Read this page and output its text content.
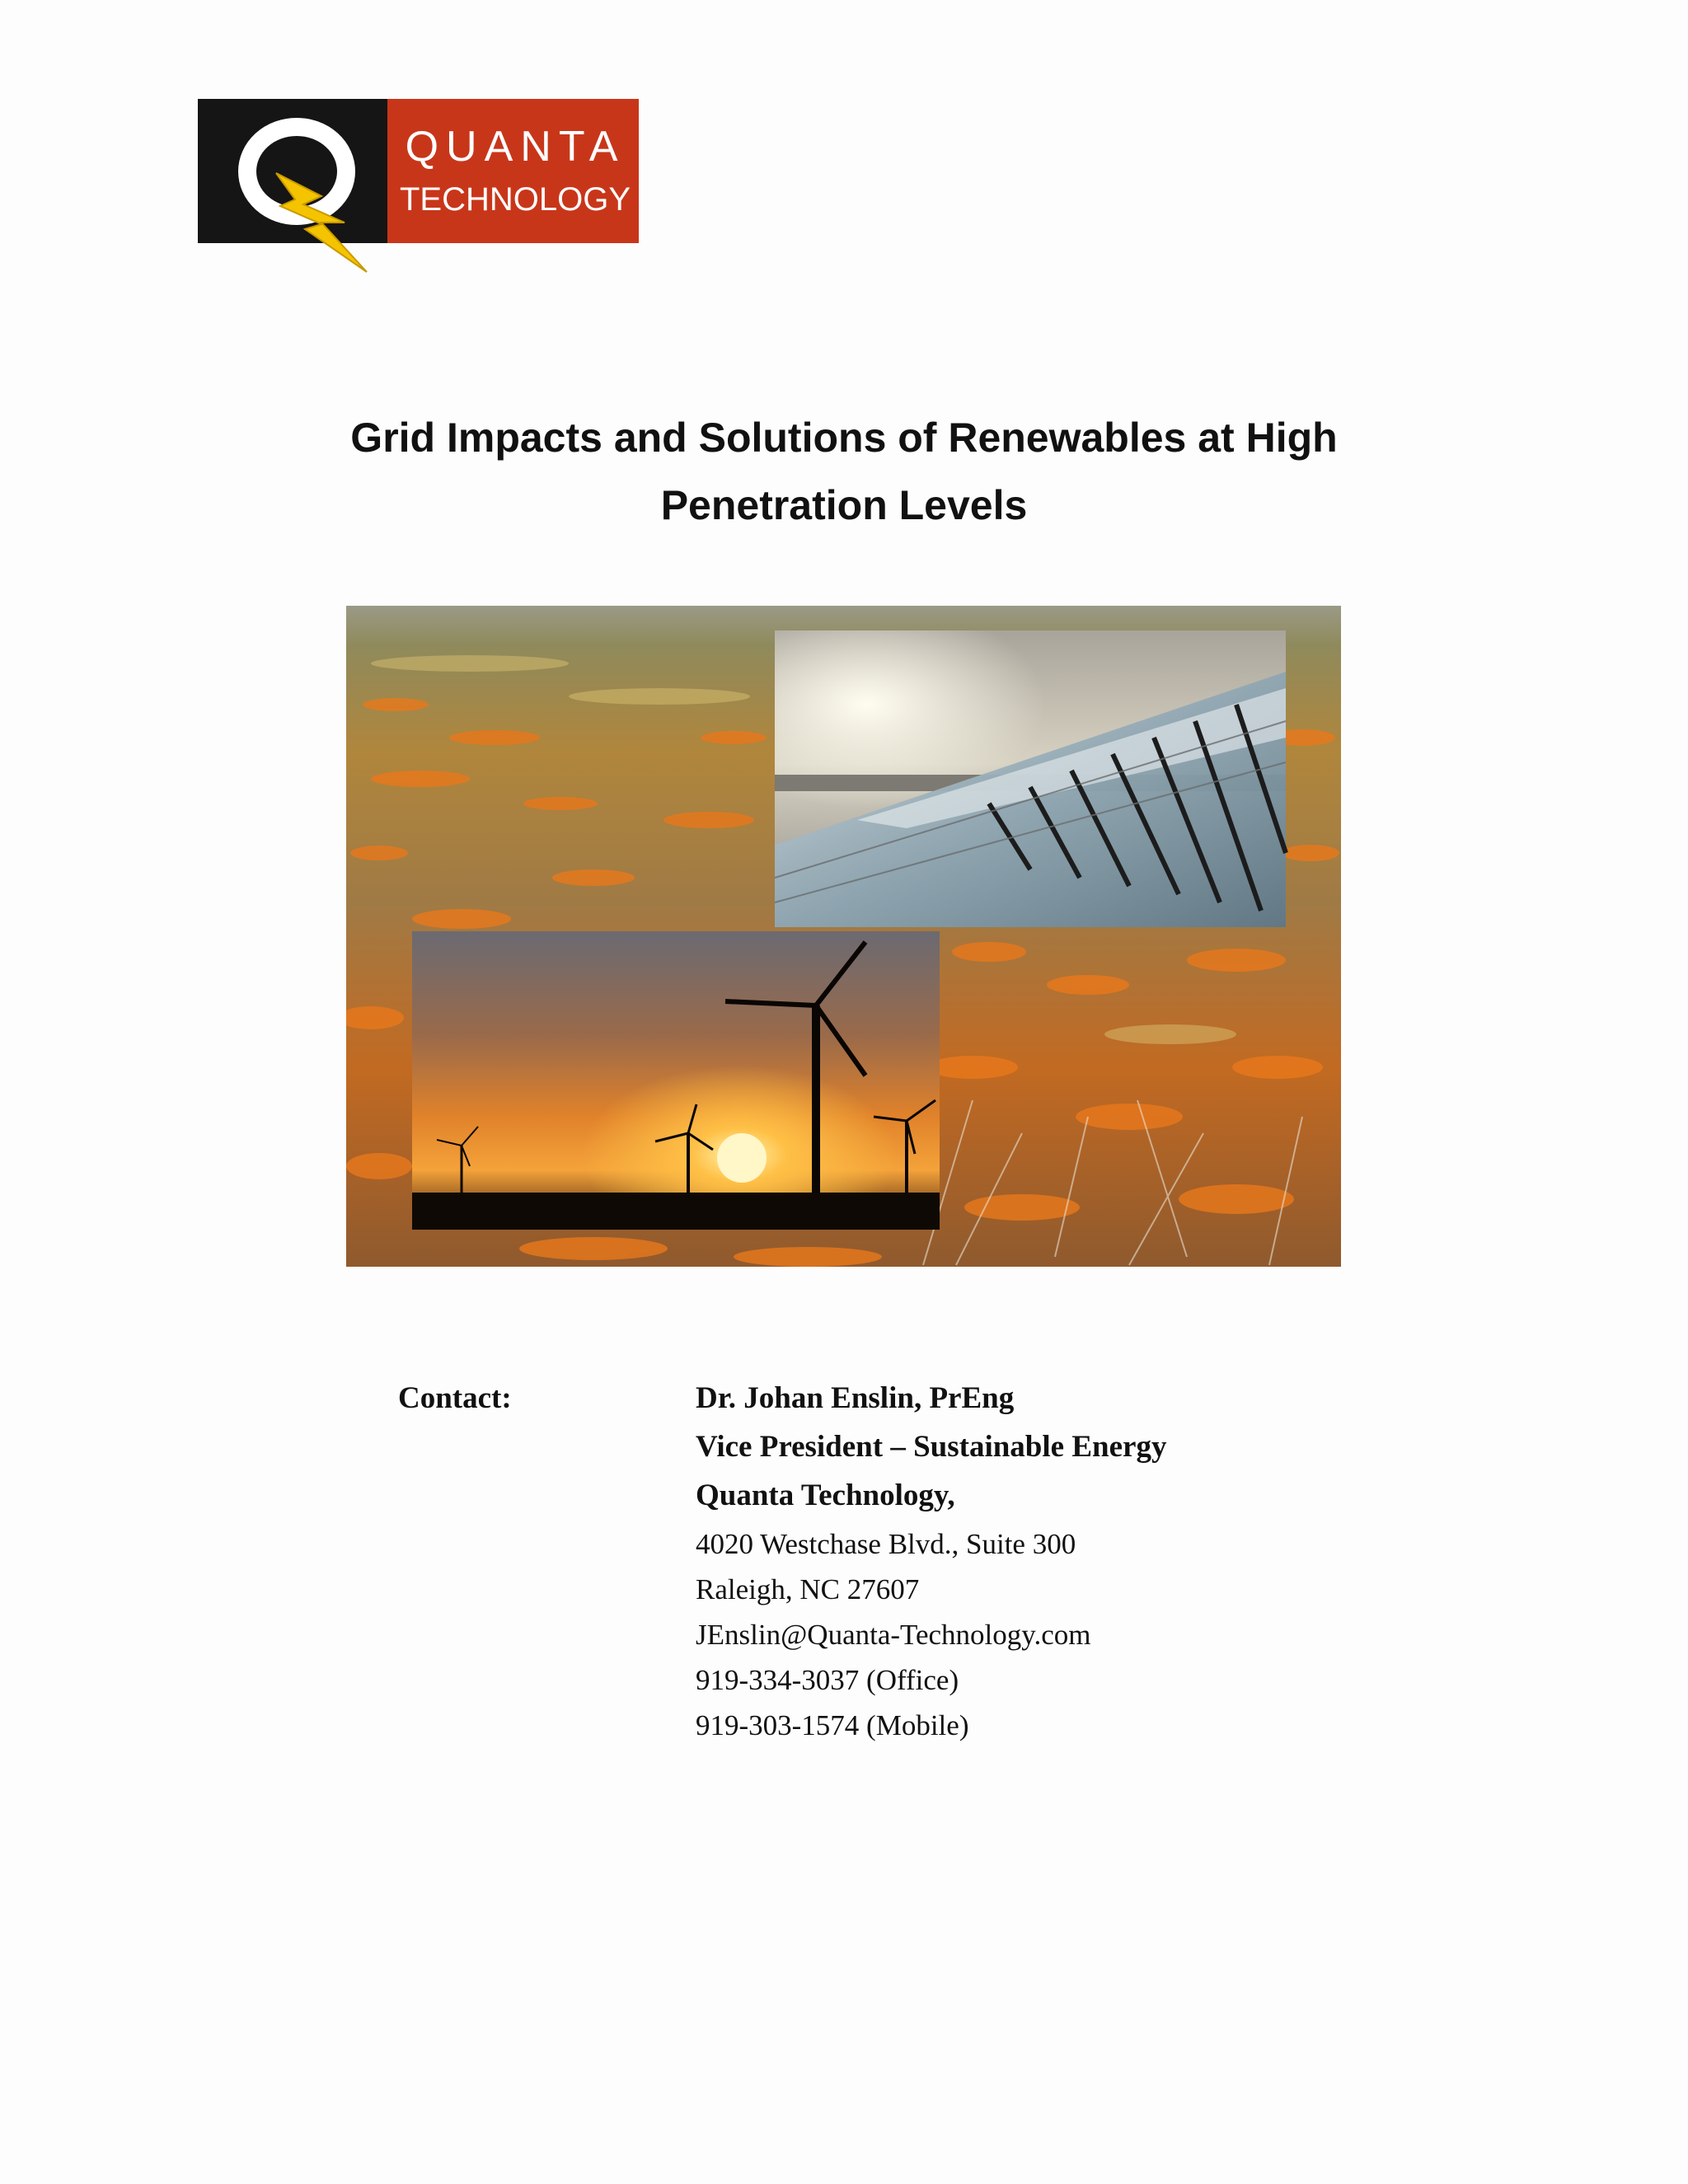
QUANTA
TECHNOLOGY
Grid Impacts and Solutions of Renewables at High
Penetration Levels
Contact:	Dr. Johan Enslin, PrEng
Vice President – Sustainable Energy
Quanta Technology,
4020 Westchase Blvd., Suite 300
Raleigh, NC 27607
JEnslin@Quanta-Technology.com
919-334-3037 (Office)
919-303-1574 (Mobile)
